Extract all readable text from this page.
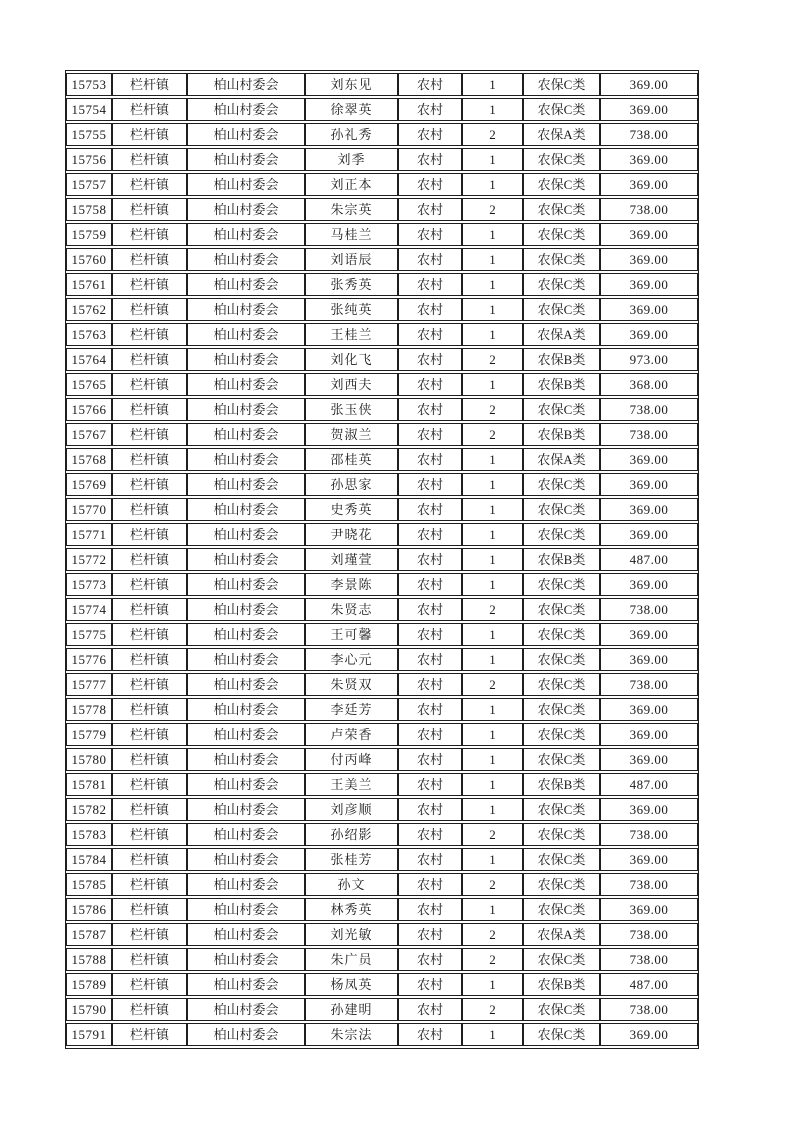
15753	栏杆镇	柏山村委会	刘东见	农村	1	农保C类	369.00
15754	栏杆镇	柏山村委会	徐翠英	农村	1	农保C类	369.00
15755	栏杆镇	柏山村委会	孙礼秀	农村	2	农保A类	738.00
15756	栏杆镇	柏山村委会	刘季	农村	1	农保C类	369.00
15757	栏杆镇	柏山村委会	刘正本	农村	1	农保C类	369.00
15758	栏杆镇	柏山村委会	朱宗英	农村	2	农保C类	738.00
15759	栏杆镇	柏山村委会	马桂兰	农村	1	农保C类	369.00
15760	栏杆镇	柏山村委会	刘语辰	农村	1	农保C类	369.00
15761	栏杆镇	柏山村委会	张秀英	农村	1	农保C类	369.00
15762	栏杆镇	柏山村委会	张纯英	农村	1	农保C类	369.00
15763	栏杆镇	柏山村委会	王桂兰	农村	1	农保A类	369.00
15764	栏杆镇	柏山村委会	刘化飞	农村	2	农保B类	973.00
15765	栏杆镇	柏山村委会	刘西夫	农村	1	农保B类	368.00
15766	栏杆镇	柏山村委会	张玉侠	农村	2	农保C类	738.00
15767	栏杆镇	柏山村委会	贺淑兰	农村	2	农保B类	738.00
15768	栏杆镇	柏山村委会	邵桂英	农村	1	农保A类	369.00
15769	栏杆镇	柏山村委会	孙思家	农村	1	农保C类	369.00
15770	栏杆镇	柏山村委会	史秀英	农村	1	农保C类	369.00
15771	栏杆镇	柏山村委会	尹晓花	农村	1	农保C类	369.00
15772	栏杆镇	柏山村委会	刘瑾萱	农村	1	农保B类	487.00
15773	栏杆镇	柏山村委会	李景陈	农村	1	农保C类	369.00
15774	栏杆镇	柏山村委会	朱贤志	农村	2	农保C类	738.00
15775	栏杆镇	柏山村委会	王可馨	农村	1	农保C类	369.00
15776	栏杆镇	柏山村委会	李心元	农村	1	农保C类	369.00
15777	栏杆镇	柏山村委会	朱贤双	农村	2	农保C类	738.00
15778	栏杆镇	柏山村委会	李廷芳	农村	1	农保C类	369.00
15779	栏杆镇	柏山村委会	卢荣香	农村	1	农保C类	369.00
15780	栏杆镇	柏山村委会	付丙峰	农村	1	农保C类	369.00
15781	栏杆镇	柏山村委会	王美兰	农村	1	农保B类	487.00
15782	栏杆镇	柏山村委会	刘彦顺	农村	1	农保C类	369.00
15783	栏杆镇	柏山村委会	孙绍影	农村	2	农保C类	738.00
15784	栏杆镇	柏山村委会	张桂芳	农村	1	农保C类	369.00
15785	栏杆镇	柏山村委会	孙文	农村	2	农保C类	738.00
15786	栏杆镇	柏山村委会	林秀英	农村	1	农保C类	369.00
15787	栏杆镇	柏山村委会	刘光敏	农村	2	农保A类	738.00
15788	栏杆镇	柏山村委会	朱广员	农村	2	农保C类	738.00
15789	栏杆镇	柏山村委会	杨凤英	农村	1	农保B类	487.00
15790	栏杆镇	柏山村委会	孙建明	农村	2	农保C类	738.00
15791	栏杆镇	柏山村委会	朱宗法	农村	1	农保C类	369.00
